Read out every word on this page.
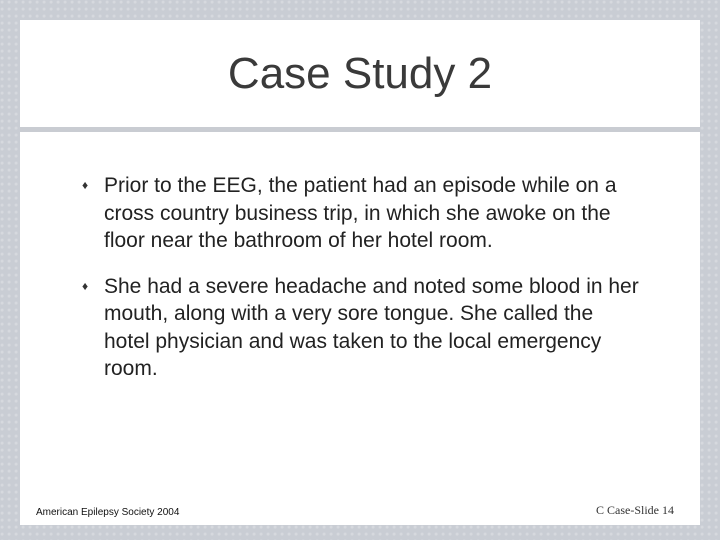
Case Study 2
♦ Prior to the EEG, the patient had an episode while on a cross country business trip, in which she awoke on the floor near the bathroom of her hotel room.
♦ She had a severe headache and noted some blood in her mouth, along with a very sore tongue. She called the hotel physician and was taken to the local emergency room.
American Epilepsy Society 2004	C Case-Slide 14
